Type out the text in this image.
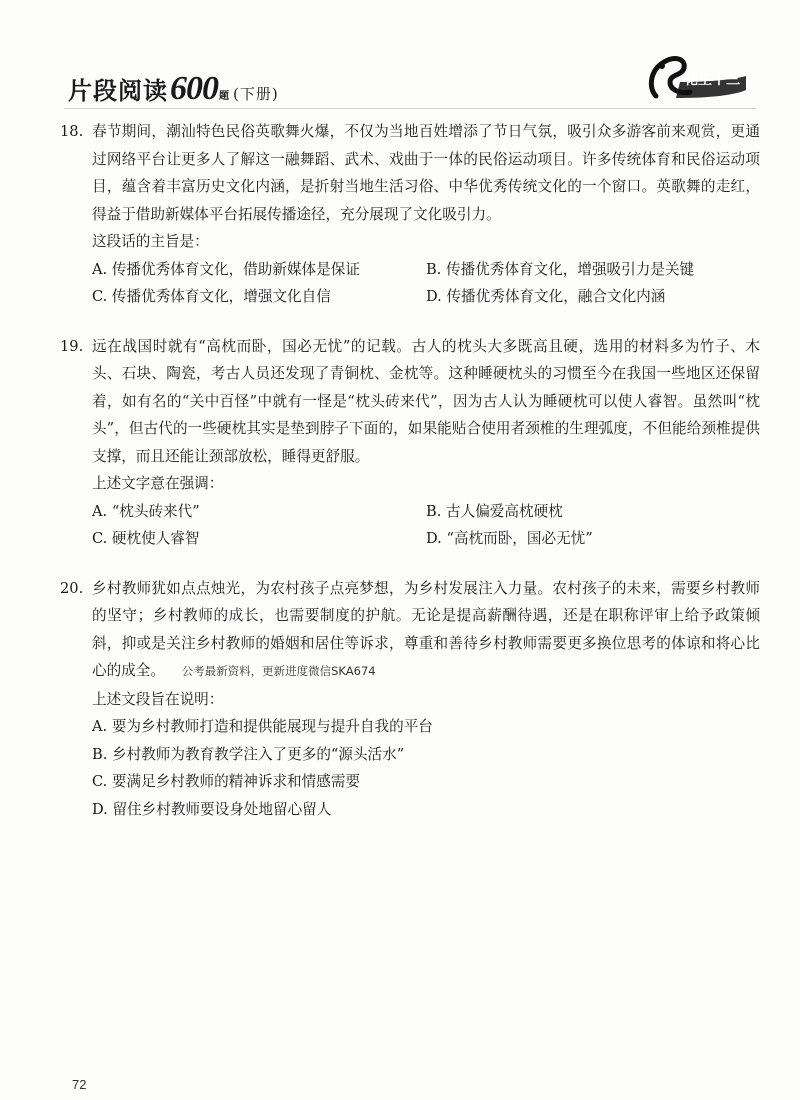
片段阅读 600 题 (下册)
花生十三
18. 春节期间，潮汕特色民俗英歌舞火爆，不仅为当地百姓增添了节日气氛，吸引众多游客前来观赏，更通过网络平台让更多人了解这一融舞蹈、武术、戏曲于一体的民俗运动项目。许多传统体育和民俗运动项目，蕴含着丰富历史文化内涵，是折射当地生活习俗、中华优秀传统文化的一个窗口。英歌舞的走红，得益于借助新媒体平台拓展传播途径，充分展现了文化吸引力。
这段话的主旨是：
A. 传播优秀体育文化，借助新媒体是保证	B. 传播优秀体育文化，增强吸引力是关键
C. 传播优秀体育文化，增强文化自信	D. 传播优秀体育文化，融合文化内涵
19. 远在战国时就有“高枕而卧，国必无忧”的记载。古人的枕头大多既高且硬，选用的材料多为竹子、木头、石块、陶瓷，考古人员还发现了青铜枕、金枕等。这种睡硬枕头的习惯至今在我国一些地区还保留着，如有名的“关中百怪”中就有一怪是“枕头砖来代”，因为古人认为睡硬枕可以使人睿智。虽然叫“枕头”，但古代的一些硬枕其实是垫到脖子下面的，如果能贴合使用者颈椎的生理弧度，不但能给颈椎提供支撑，而且还能让颈部放松，睡得更舒服。
上述文字意在强调：
A. “枕头砖来代”	B. 古人偏爱高枕硬枕
C. 硬枕使人睿智	D. “高枕而卧，国必无忧”
20. 乡村教师犹如点点烛光，为农村孩子点亮梦想，为乡村发展注入力量。农村孩子的未来，需要乡村教师的坚守；乡村教师的成长，也需要制度的护航。无论是提高薪酬待遇，还是在职称评审上给予政策倾斜，抑或是关注乡村教师的婚姻和居住等诉求，尊重和善待乡村教师需要更多换位思考的体谅和将心比心的成全。 公考最新资料，更新进度微信SKA674
上述文段旨在说明：
A. 要为乡村教师打造和提供能展现与提升自我的平台
B. 乡村教师为教育教学注入了更多的“源头活水”
C. 要满足乡村教师的精神诉求和情感需要
D. 留住乡村教师要设身处地留心留人
72
